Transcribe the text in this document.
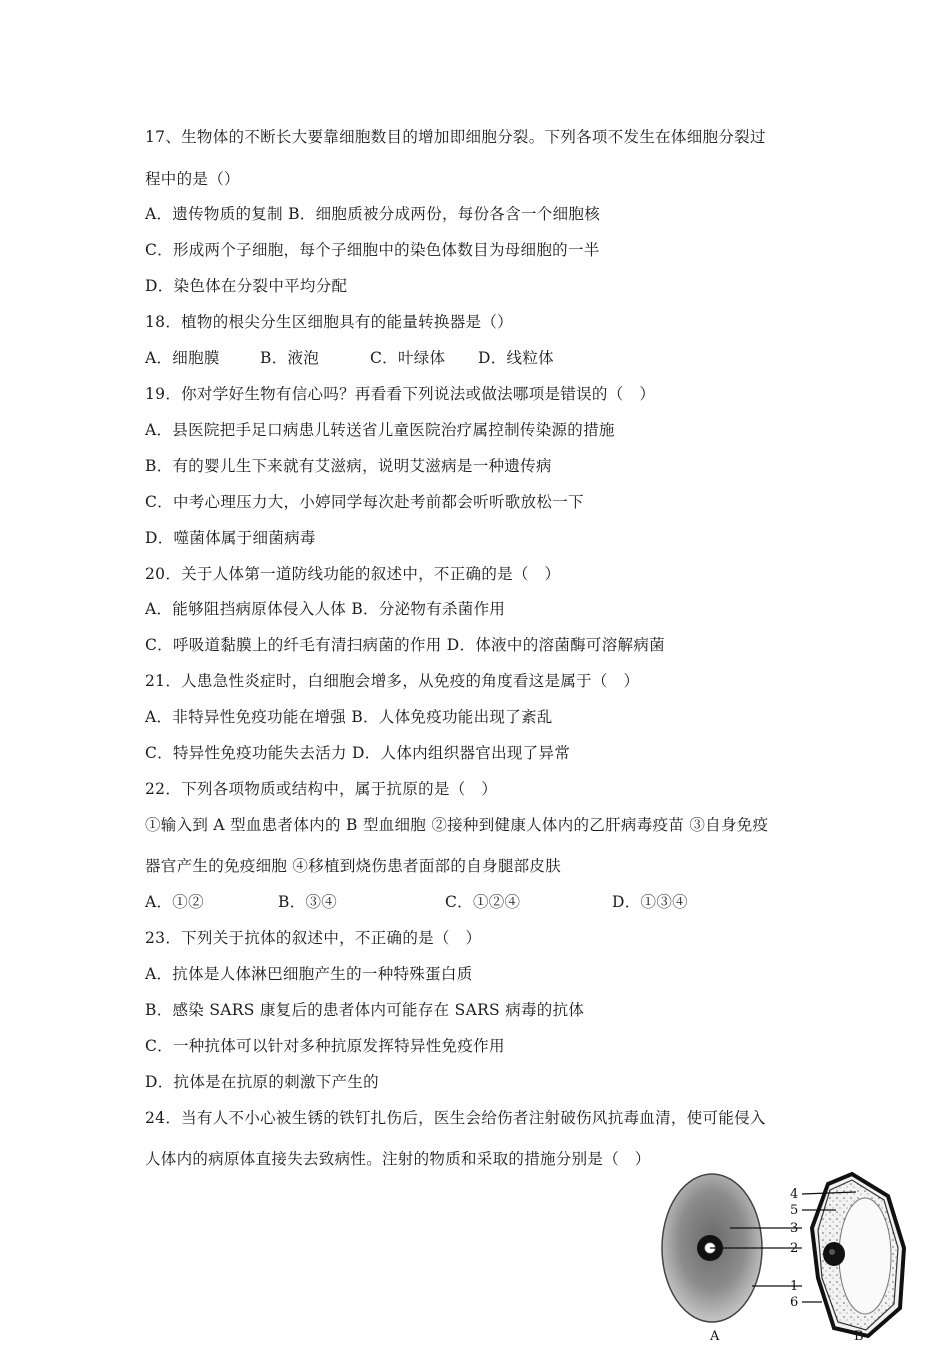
17、生物体的不断长大要靠细胞数目的增加即细胞分裂。下列各项不发生在体细胞分裂过
程中的是（）
A．遗传物质的复制 B．细胞质被分成两份，每份各含一个细胞核
C．形成两个子细胞，每个子细胞中的染色体数目为母细胞的一半
D．染色体在分裂中平均分配
18．植物的根尖分生区细胞具有的能量转换器是（）
A．细胞膜	B．液泡	C．叶绿体 D．线粒体
19．你对学好生物有信心吗？再看看下列说法或做法哪项是错误的（　）
A．县医院把手足口病患儿转送省儿童医院治疗属控制传染源的措施
B．有的婴儿生下来就有艾滋病，说明艾滋病是一种遗传病
C．中考心理压力大，小婷同学每次赴考前都会听听歌放松一下
D．噬菌体属于细菌病毒
20．关于人体第一道防线功能的叙述中，不正确的是（　）
A．能够阻挡病原体侵入人体 B．分泌物有杀菌作用
C．呼吸道黏膜上的纤毛有清扫病菌的作用 D．体液中的溶菌酶可溶解病菌
21．人患急性炎症时，白细胞会增多，从免疫的角度看这是属于（　）
A．非特异性免疫功能在增强 B．人体免疫功能出现了紊乱
C．特异性免疫功能失去活力 D．人体内组织器官出现了异常
22．下列各项物质或结构中，属于抗原的是（　）
①输入到 A 型血患者体内的 B 型血细胞 ②接种到健康人体内的乙肝病毒疫苗 ③自身免疫
器官产生的免疫细胞 ④移植到烧伤患者面部的自身腿部皮肤
A．①②	B．③④	C．①②④	D．①③④
23．下列关于抗体的叙述中，不正确的是（　）
A．抗体是人体淋巴细胞产生的一种特殊蛋白质
B．感染 SARS 康复后的患者体内可能存在 SARS 病毒的抗体
C．一种抗体可以针对多种抗原发挥特异性免疫作用
D．抗体是在抗原的刺激下产生的
24．当有人不小心被生锈的铁钉扎伤后，医生会给伤者注射破伤风抗毒血清，使可能侵入
人体内的病原体直接失去致病性。注射的物质和采取的措施分别是（　）
4
5
3
2
1
6
A	B
